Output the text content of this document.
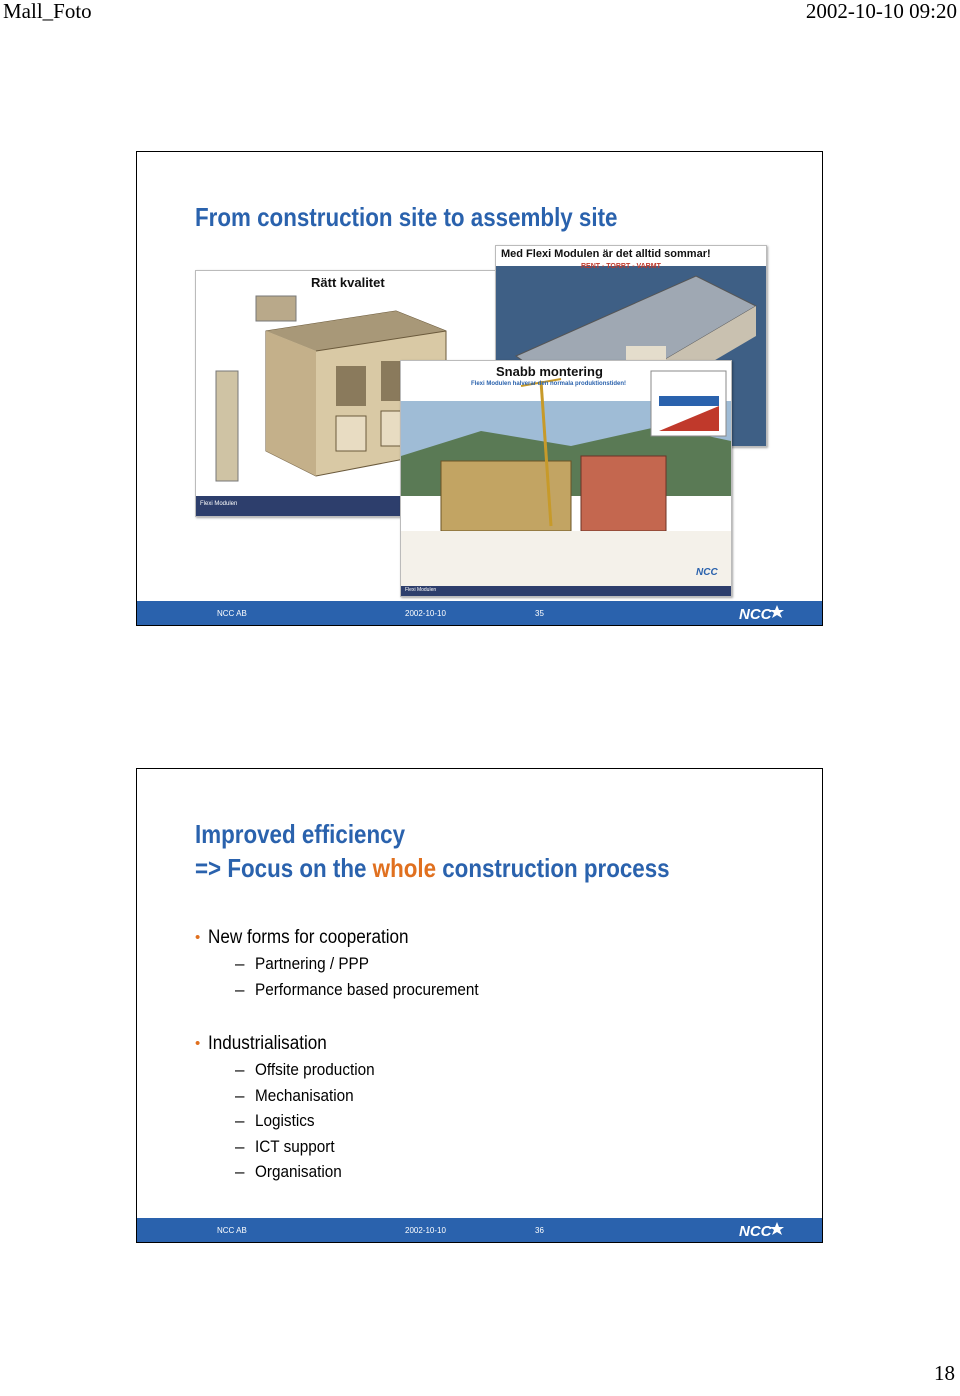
Mall_Foto	2002-10-10 09:20
From construction site to assembly site
Rätt kvalitet
Flexi Modulen
Med Flexi Modulen är det alltid sommar!
RENT - TORRT - VARMT
Snabb montering
Flexi Modulen halverar den normala produktionstiden!
Flexi Modulen
NCC
NCC AB	2002-10-10	35	NCC
Improved efficiency
=> Focus on the whole construction process
• New forms for cooperation
– Partnering / PPP
– Performance based procurement
• Industrialisation
– Offsite production
– Mechanisation
– Logistics
– ICT support
– Organisation
NCC AB	2002-10-10	36	NCC
18
